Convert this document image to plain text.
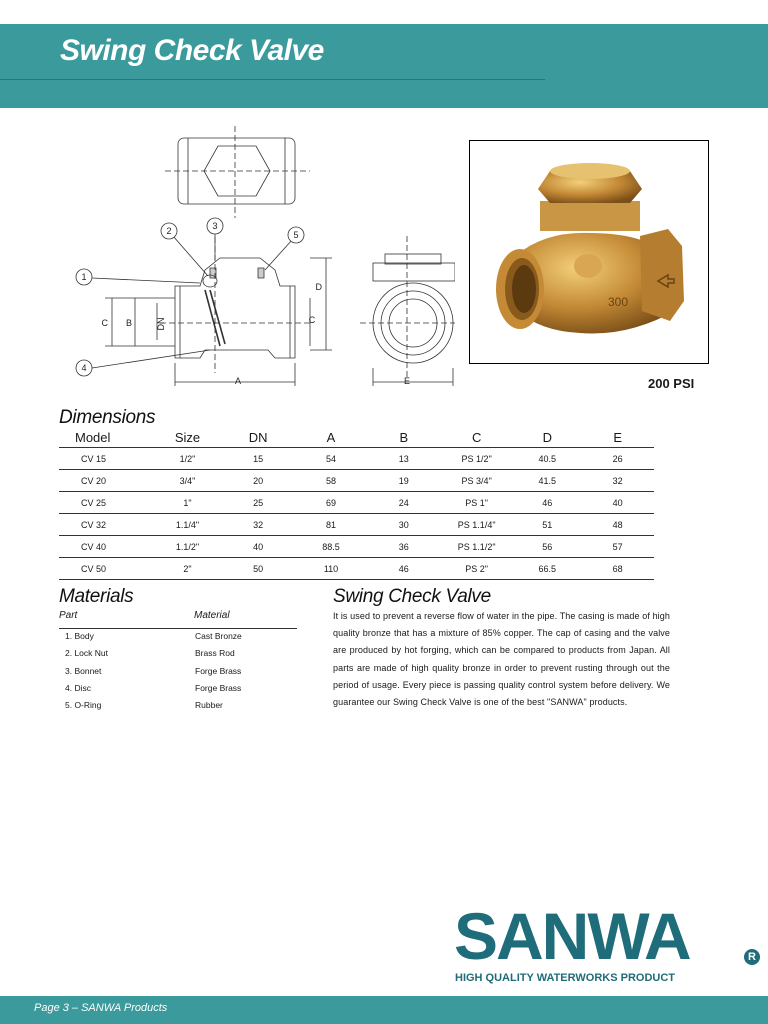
Swing Check Valve
2	3
5
1
4
C B	DN
D
C
A	E
300
200 PSI
Dimensions
Model	Size	DN	A	B	C	D	E
CV 15	1/2"	15	54	13	PS 1/2"	40.5	26
CV 20	3/4"	20	58	19	PS 3/4"	41.5	32
CV 25	1"	25	69	24	PS 1"	46	40
CV 32	1.1/4"	32	81	30	PS 1.1/4"	51	48
CV 40	1.1/2"	40	88.5	36	PS 1.1/2"	56	57
CV 50	2"	50	110	46	PS 2"	66.5	68
Materials
Part	Material
1. Body	Cast Bronze
2. Lock Nut	Brass Rod
3. Bonnet	Forge Brass
4. Disc	Forge Brass
5. O-Ring	Rubber
Swing Check Valve
It is used to prevent a reverse flow of water in the pipe. The casing is made of high quality bronze that has a mixture of 85% copper. The cap of casing and the valve are produced by hot forging, which can be compared to products from Japan. All parts are made of high quality bronze in order to prevent rusting through out the period of usage. Every piece is passing quality control system before delivery. We guarantee our Swing Check Valve is one of the best "SANWA" products.
SANWA	R
HIGH QUALITY WATERWORKS PRODUCT
Page 3 – SANWA Products
